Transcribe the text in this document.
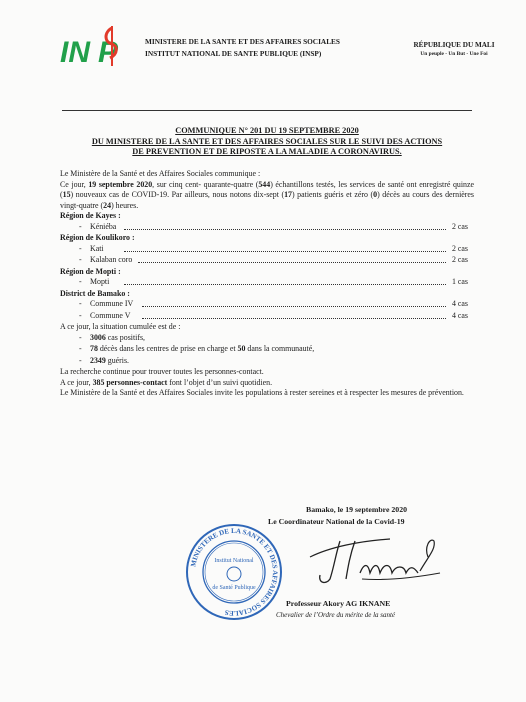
IN P	MINISTERE DE LA SANTE ET DES AFFAIRES SOCIALES
INSTITUT NATIONAL DE SANTE PUBLIQUE (INSP)
RÉPUBLIQUE DU MALI
Un peuple - Un But - Une Foi
COMMUNIQUE N° 201 DU 19 SEPTEMBRE 2020
DU MINISTERE DE LA SANTE ET DES AFFAIRES SOCIALES SUR LE SUIVI DES ACTIONS
DE PREVENTION ET DE RIPOSTE A LA MALADIE A CORONAVIRUS.

Le Ministère de la Santé et des Affaires Sociales communique :

Ce jour, 19 septembre 2020, sur cinq cent- quarante-quatre (544) échantillons testés, les services de santé ont enregistré quinze (15) nouveaux cas de COVID-19. Par ailleurs, nous notons dix-sept (17) patients guéris et zéro (0) décès au cours des dernières vingt-quatre (24) heures.

Région de Kayes :

- Kéniéba	2 cas

Région de Koulikoro :

- Kati	2 cas
- Kalaban coro	2 cas

Région de Mopti :

- Mopti	1 cas

District de Bamako :

- Commune IV	4 cas
- Commune V	4 cas

A ce jour, la situation cumulée est de :

- 3006 cas positifs,
- 78 décès dans les centres de prise en charge et 50 dans la communauté,
- 2349 guéris.

La recherche continue pour trouver toutes les personnes-contact.

A ce jour, 385 personnes-contact font l’objet d’un suivi quotidien.

Le Ministère de la Santé et des Affaires Sociales invite les populations à rester sereines et à respecter les mesures de prévention.

Bamako, le 19 septembre 2020
Le Coordinateur National de la Covid-19
MINISTERE DE LA SANTE ET DES AFFAIRES SOCIALES
Institut National
de Santé Publique
Professeur Akory AG IKNANE
Chevalier de l’Ordre du mérite de la santé
